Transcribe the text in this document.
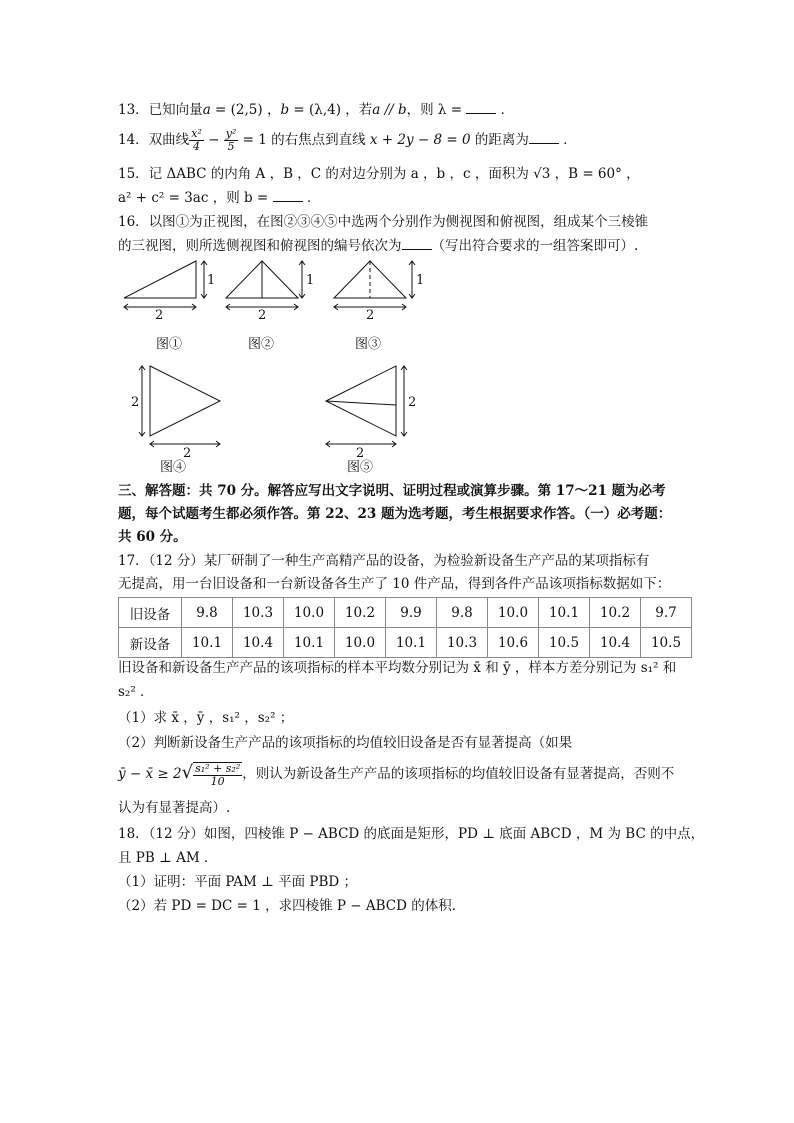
13．已知向量a = (2,5) ，b = (λ,4) ，若a // b，则 λ =  ．
14．双曲线 $\frac{\text{x²}}{4} - \frac{\text{y²}}{5} = 1$ 的右焦点到直线 x + 2y − 8 = 0 的距离为 ．
15．记 ΔABC 的内角 A ，B ，C 的对边分别为 a ，b ，c ，面积为 √3 ，B = 60° ，
a² + c² = 3ac ，则 b =  ．
16．以图①为正视图，在图②③④⑤中选两个分别作为侧视图和俯视图，组成某个三棱锥
的三视图，则所选侧视图和俯视图的编号依次为 （写出符合要求的一组答案即可）.
2
1
图①
2
1
图②
2
1
图③
2
2
图④
2
2
图⑤
三、解答题：共 70 分。解答应写出文字说明、证明过程或演算步骤。第 17～21 题为必考
题，每个试题考生都必须作答。第 22、23 题为选考题，考生根据要求作答。（一）必考题：
共 60 分。
17．（12 分）某厂研制了一种生产高精产品的设备，为检验新设备生产产品的某项指标有
无提高，用一台旧设备和一台新设备各生产了 10 件产品，得到各件产品该项指标数据如下：
旧设备	9.8	10.3	10.0	10.2	9.9	9.8	10.0	10.1	10.2	9.7
新设备	10.1	10.4	10.1	10.0	10.1	10.3	10.6	10.5	10.4	10.5
旧设备和新设备生产产品的该项指标的样本平均数分别记为 x̄ 和 ȳ ，样本方差分别记为 s₁² 和
s₂² ．
（1）求 x̄ ，ȳ ，s₁² ，s₂² ；
（2）判断新设备生产产品的该项指标的均值较旧设备是否有显著提高（如果
ȳ − x̄ ≥ $2√ \frac{\text{s₁² + s₂²}}{10}$ ，则认为新设备生产产品的该项指标的均值较旧设备有显著提高，否则不
认为有显著提高）.
18．（12 分）如图，四棱锥 P − ABCD 的底面是矩形，PD ⊥ 底面 ABCD ，M 为 BC 的中点，
且 PB ⊥ AM ．
（1）证明：平面 PAM ⊥ 平面 PBD ；
（2）若 PD = DC = 1 ，求四棱锥 P − ABCD 的体积．
